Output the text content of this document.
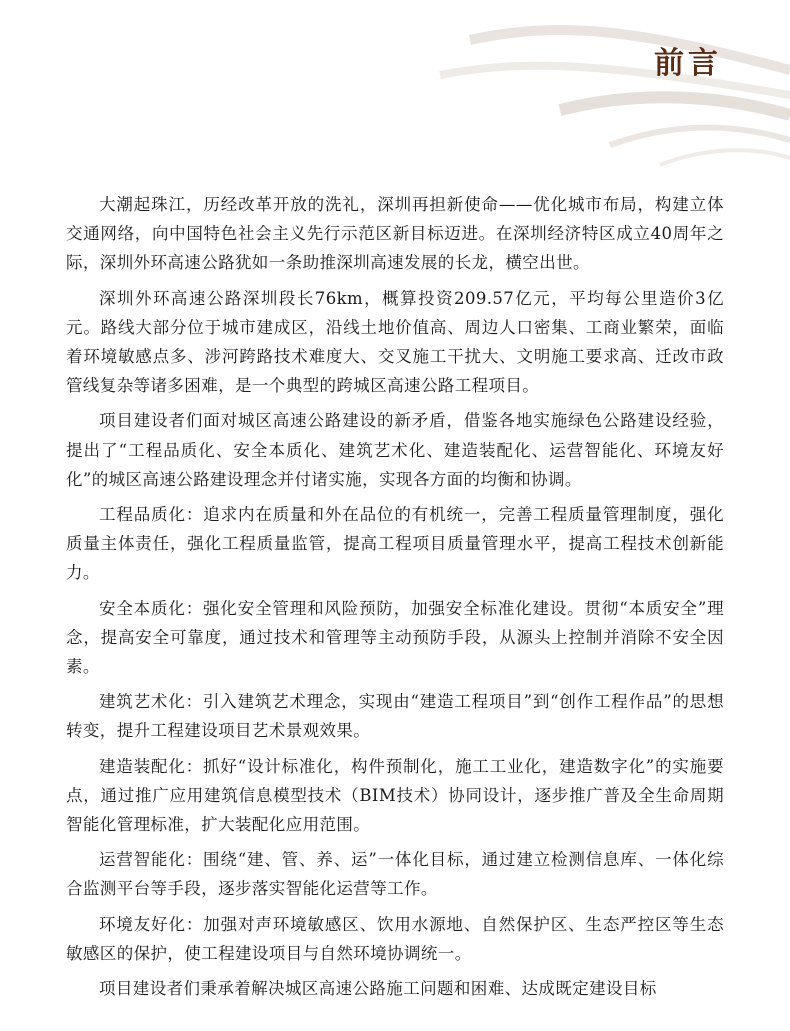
前言

大潮起珠江，历经改革开放的洗礼，深圳再担新使命——优化城市布局，构建立体交通网络，向中国特色社会主义先行示范区新目标迈进。在深圳经济特区成立40周年之际，深圳外环高速公路犹如一条助推深圳高速发展的长龙，横空出世。

深圳外环高速公路深圳段长76km，概算投资209.57亿元，平均每公里造价3亿元。路线大部分位于城市建成区，沿线土地价值高、周边人口密集、工商业繁荣，面临着环境敏感点多、涉河跨路技术难度大、交叉施工干扰大、文明施工要求高、迁改市政管线复杂等诸多困难，是一个典型的跨城区高速公路工程项目。

项目建设者们面对城区高速公路建设的新矛盾，借鉴各地实施绿色公路建设经验，提出了“工程品质化、安全本质化、建筑艺术化、建造装配化、运营智能化、环境友好化”的城区高速公路建设理念并付诸实施，实现各方面的均衡和协调。

工程品质化：追求内在质量和外在品位的有机统一，完善工程质量管理制度，强化质量主体责任，强化工程质量监管，提高工程项目质量管理水平，提高工程技术创新能力。

安全本质化：强化安全管理和风险预防，加强安全标准化建设。贯彻“本质安全”理念，提高安全可靠度，通过技术和管理等主动预防手段，从源头上控制并消除不安全因素。

建筑艺术化：引入建筑艺术理念，实现由“建造工程项目”到“创作工程作品”的思想转变，提升工程建设项目艺术景观效果。

建造装配化：抓好“设计标准化，构件预制化，施工工业化，建造数字化”的实施要点，通过推广应用建筑信息模型技术（BIM技术）协同设计，逐步推广普及全生命周期智能化管理标准，扩大装配化应用范围。

运营智能化：围绕“建、管、养、运”一体化目标，通过建立检测信息库、一体化综合监测平台等手段，逐步落实智能化运营等工作。

环境友好化：加强对声环境敏感区、饮用水源地、自然保护区、生态严控区等生态敏感区的保护，使工程建设项目与自然环境协调统一。

项目建设者们秉承着解决城区高速公路施工问题和困难、达成既定建设目标
